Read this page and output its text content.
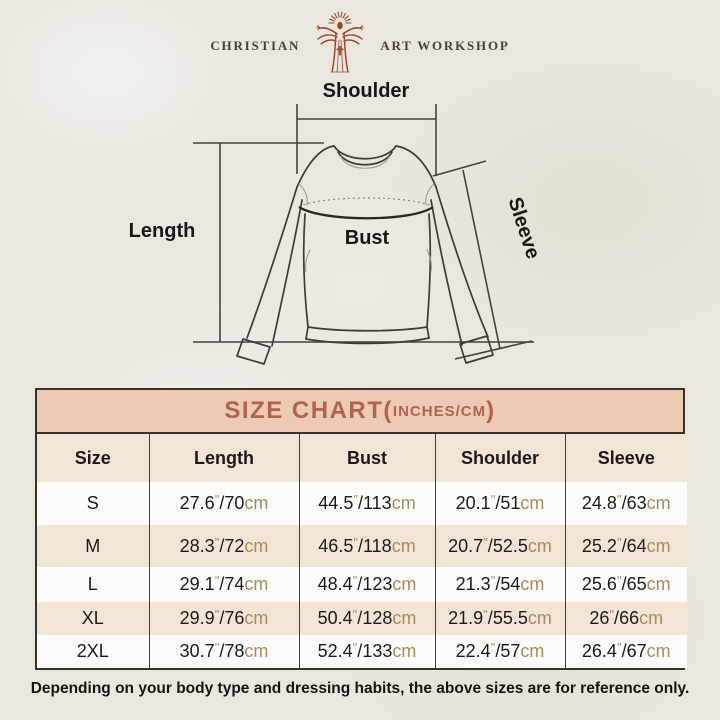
CHRISTIAN	ART WORKSHOP
Shoulder
Length	Bust	Sleeve
SIZE CHART ( INCHES/CM )
Size	Length	Bust	Shoulder	Sleeve
S	27.6"/70cm	44.5"/113cm	20.1"/51cm	24.8"/63cm
M	28.3"/72cm	46.5"/118cm	20.7"/52.5cm	25.2"/64cm
L	29.1"/74cm	48.4"/123cm	21.3"/54cm	25.6"/65cm
XL	29.9"/76cm	50.4"/128cm	21.9"/55.5cm	26"/66cm
2XL	30.7"/78cm	52.4"/133cm	22.4"/57cm	26.4"/67cm

Depending on your body type and dressing habits, the above sizes are for reference only.
